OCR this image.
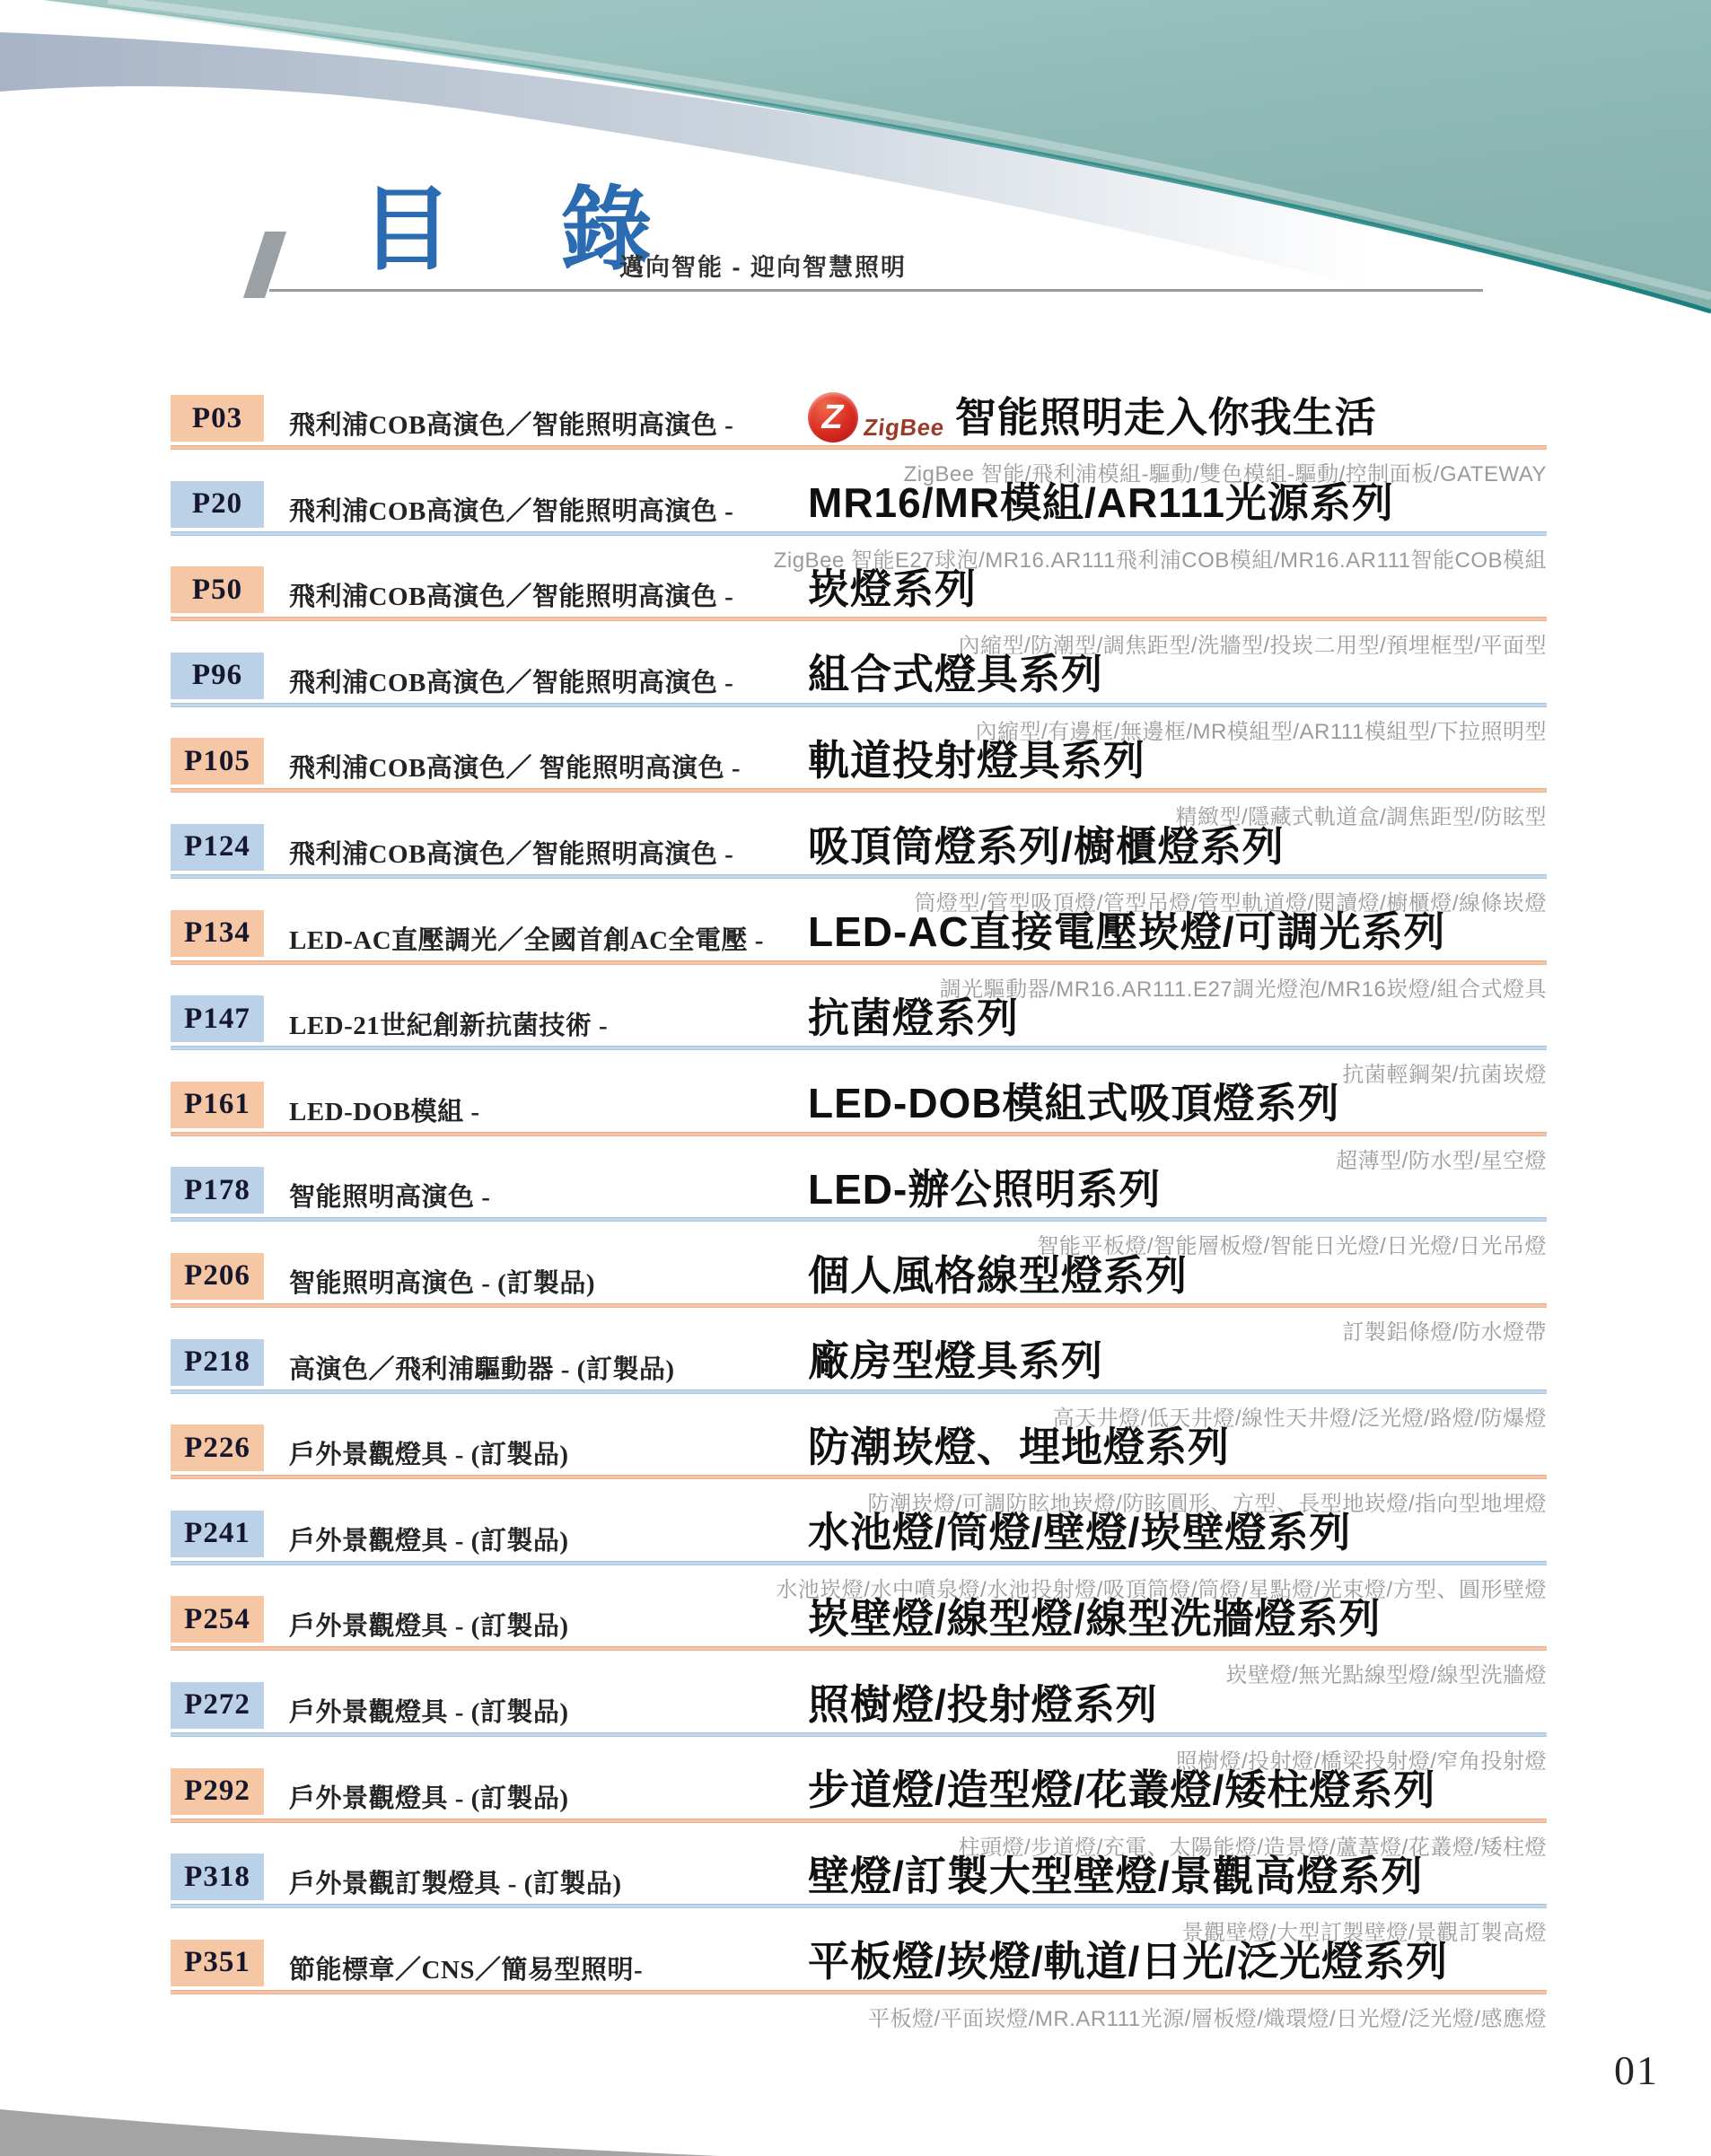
目 錄
邁向智能 - 迎向智慧照明
P03	飛利浦COB高演色／智能照明高演色 - Z ZigBee 智能照明走入你我生活
ZigBee 智能/飛利浦模組-驅動/雙色模組-驅動/控制面板/GATEWAY
P20	飛利浦COB高演色／智能照明高演色 - MR16/MR模組/AR111光源系列
ZigBee 智能E27球泡/MR16.AR111飛利浦COB模組/MR16.AR111智能COB模組
P50	飛利浦COB高演色／智能照明高演色 - 崁燈系列
內縮型/防潮型/調焦距型/洗牆型/投崁二用型/預埋框型/平面型
P96	飛利浦COB高演色／智能照明高演色 - 組合式燈具系列
內縮型/有邊框/無邊框/MR模組型/AR111模組型/下拉照明型
P105	飛利浦COB高演色／ 智能照明高演色 - 軌道投射燈具系列
精緻型/隱藏式軌道盒/調焦距型/防眩型
P124	飛利浦COB高演色／智能照明高演色 - 吸頂筒燈系列/櫥櫃燈系列
筒燈型/管型吸頂燈/管型吊燈/管型軌道燈/閱讀燈/櫥櫃燈/線條崁燈
P134	LED-AC直壓調光／全國首創AC全電壓 - LED-AC直接電壓崁燈/可調光系列
調光驅動器/MR16.AR111.E27調光燈泡/MR16崁燈/組合式燈具
P147	LED-21世紀創新抗菌技術 -	抗菌燈系列
抗菌輕鋼架/抗菌崁燈
P161	LED-DOB模組 -	LED-DOB模組式吸頂燈系列
超薄型/防水型/星空燈
P178	智能照明高演色 -	LED-辦公照明系列
智能平板燈/智能層板燈/智能日光燈/日光燈/日光吊燈
P206	智能照明高演色 - (訂製品)	個人風格線型燈系列
訂製鋁條燈/防水燈帶
P218	高演色／飛利浦驅動器 - (訂製品)	廠房型燈具系列
高天井燈/低天井燈/線性天井燈/泛光燈/路燈/防爆燈
P226	戶外景觀燈具 - (訂製品)	防潮崁燈、埋地燈系列
防潮崁燈/可調防眩地崁燈/防眩圓形、方型、長型地崁燈/指向型地埋燈
P241	戶外景觀燈具 - (訂製品)	水池燈/筒燈/壁燈/崁壁燈系列
水池崁燈/水中噴泉燈/水池投射燈/吸頂筒燈/筒燈/星點燈/光束燈/方型、圓形壁燈
P254	戶外景觀燈具 - (訂製品)	崁壁燈/線型燈/線型洗牆燈系列
崁壁燈/無光點線型燈/線型洗牆燈
P272	戶外景觀燈具 - (訂製品)	照樹燈/投射燈系列
照樹燈/投射燈/橋梁投射燈/窄角投射燈
P292	戶外景觀燈具 - (訂製品)	步道燈/造型燈/花叢燈/矮柱燈系列
柱頭燈/步道燈/充電、太陽能燈/造景燈/蘆葦燈/花叢燈/矮柱燈
P318	戶外景觀訂製燈具 - (訂製品)	壁燈/訂製大型壁燈/景觀高燈系列
景觀壁燈/大型訂製壁燈/景觀訂製高燈
P351	節能標章／CNS／簡易型照明-	平板燈/崁燈/軌道/日光/泛光燈系列
平板燈/平面崁燈/MR.AR111光源/層板燈/熾環燈/日光燈/泛光燈/感應燈
01
